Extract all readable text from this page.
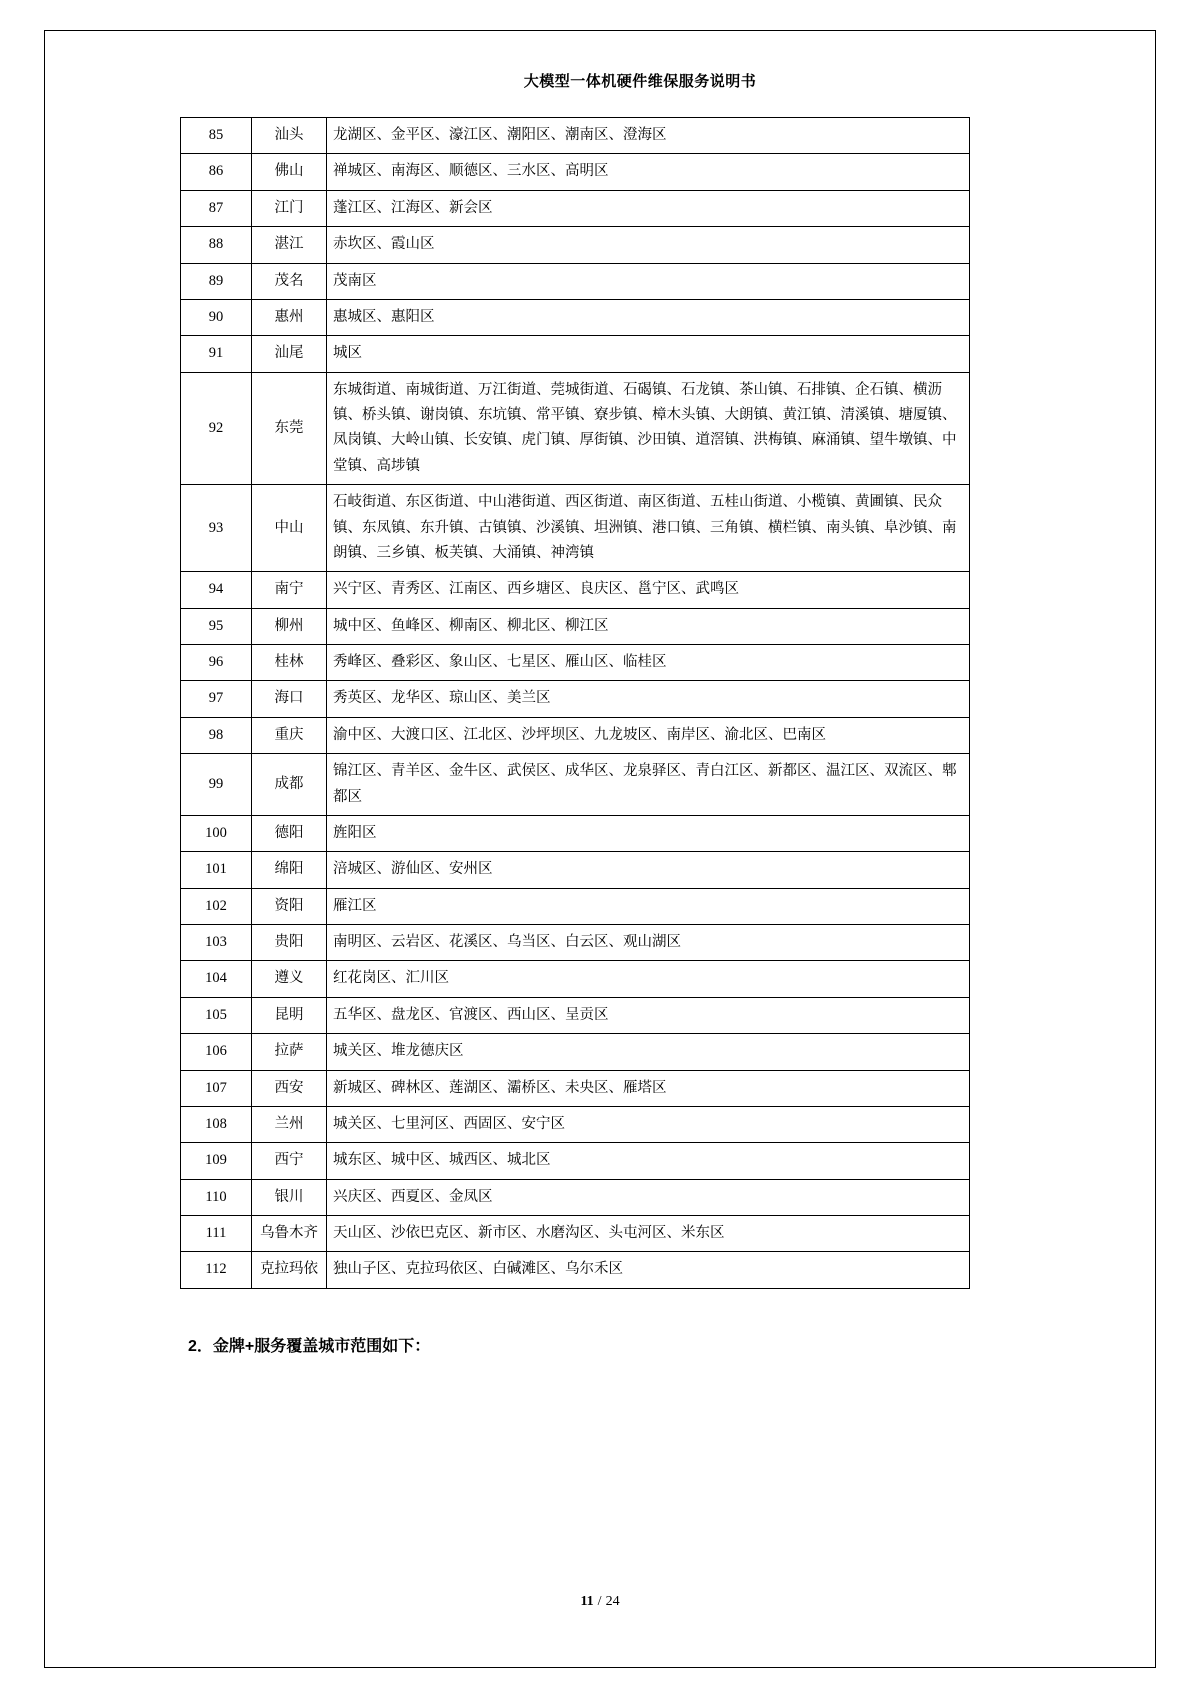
大模型一体机硬件维保服务说明书
85	汕头	龙湖区、金平区、濠江区、潮阳区、潮南区、澄海区
86	佛山	禅城区、南海区、顺德区、三水区、高明区
87	江门	蓬江区、江海区、新会区
88	湛江	赤坎区、霞山区
89	茂名	茂南区
90	惠州	惠城区、惠阳区
91	汕尾	城区
92	东莞	东城街道、南城街道、万江街道、莞城街道、石碣镇、石龙镇、茶山镇、石排镇、企石镇、横沥镇、桥头镇、谢岗镇、东坑镇、常平镇、寮步镇、樟木头镇、大朗镇、黄江镇、清溪镇、塘厦镇、凤岗镇、大岭山镇、长安镇、虎门镇、厚街镇、沙田镇、道滘镇、洪梅镇、麻涌镇、望牛墩镇、中堂镇、高埗镇
93	中山	石岐街道、东区街道、中山港街道、西区街道、南区街道、五桂山街道、小榄镇、黄圃镇、民众镇、东凤镇、东升镇、古镇镇、沙溪镇、坦洲镇、港口镇、三角镇、横栏镇、南头镇、阜沙镇、南朗镇、三乡镇、板芙镇、大涌镇、神湾镇
94	南宁	兴宁区、青秀区、江南区、西乡塘区、良庆区、邕宁区、武鸣区
95	柳州	城中区、鱼峰区、柳南区、柳北区、柳江区
96	桂林	秀峰区、叠彩区、象山区、七星区、雁山区、临桂区
97	海口	秀英区、龙华区、琼山区、美兰区
98	重庆	渝中区、大渡口区、江北区、沙坪坝区、九龙坡区、南岸区、渝北区、巴南区
99	成都	锦江区、青羊区、金牛区、武侯区、成华区、龙泉驿区、青白江区、新都区、温江区、双流区、郫都区
100	德阳	旌阳区
101	绵阳	涪城区、游仙区、安州区
102	资阳	雁江区
103	贵阳	南明区、云岩区、花溪区、乌当区、白云区、观山湖区
104	遵义	红花岗区、汇川区
105	昆明	五华区、盘龙区、官渡区、西山区、呈贡区
106	拉萨	城关区、堆龙德庆区
107	西安	新城区、碑林区、莲湖区、灞桥区、未央区、雁塔区
108	兰州	城关区、七里河区、西固区、安宁区
109	西宁	城东区、城中区、城西区、城北区
110	银川	兴庆区、西夏区、金凤区
111	乌鲁木齐	天山区、沙依巴克区、新市区、水磨沟区、头屯河区、米东区
112	克拉玛依	独山子区、克拉玛依区、白碱滩区、乌尔禾区
2．金牌+服务覆盖城市范围如下：
11 / 24
